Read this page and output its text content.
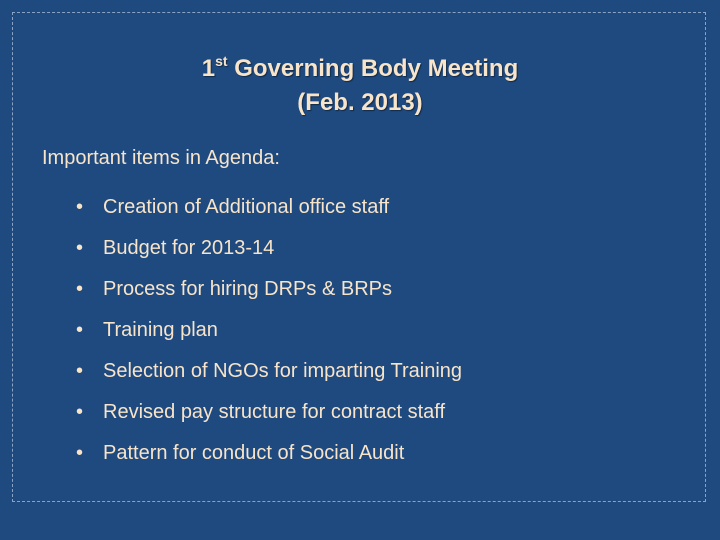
1st Governing Body Meeting
(Feb. 2013)
Important items in Agenda:
• Creation of Additional office staff
• Budget for 2013-14
• Process for hiring DRPs & BRPs
• Training plan
• Selection of NGOs for imparting Training
• Revised pay structure for contract staff
• Pattern for conduct of Social Audit
